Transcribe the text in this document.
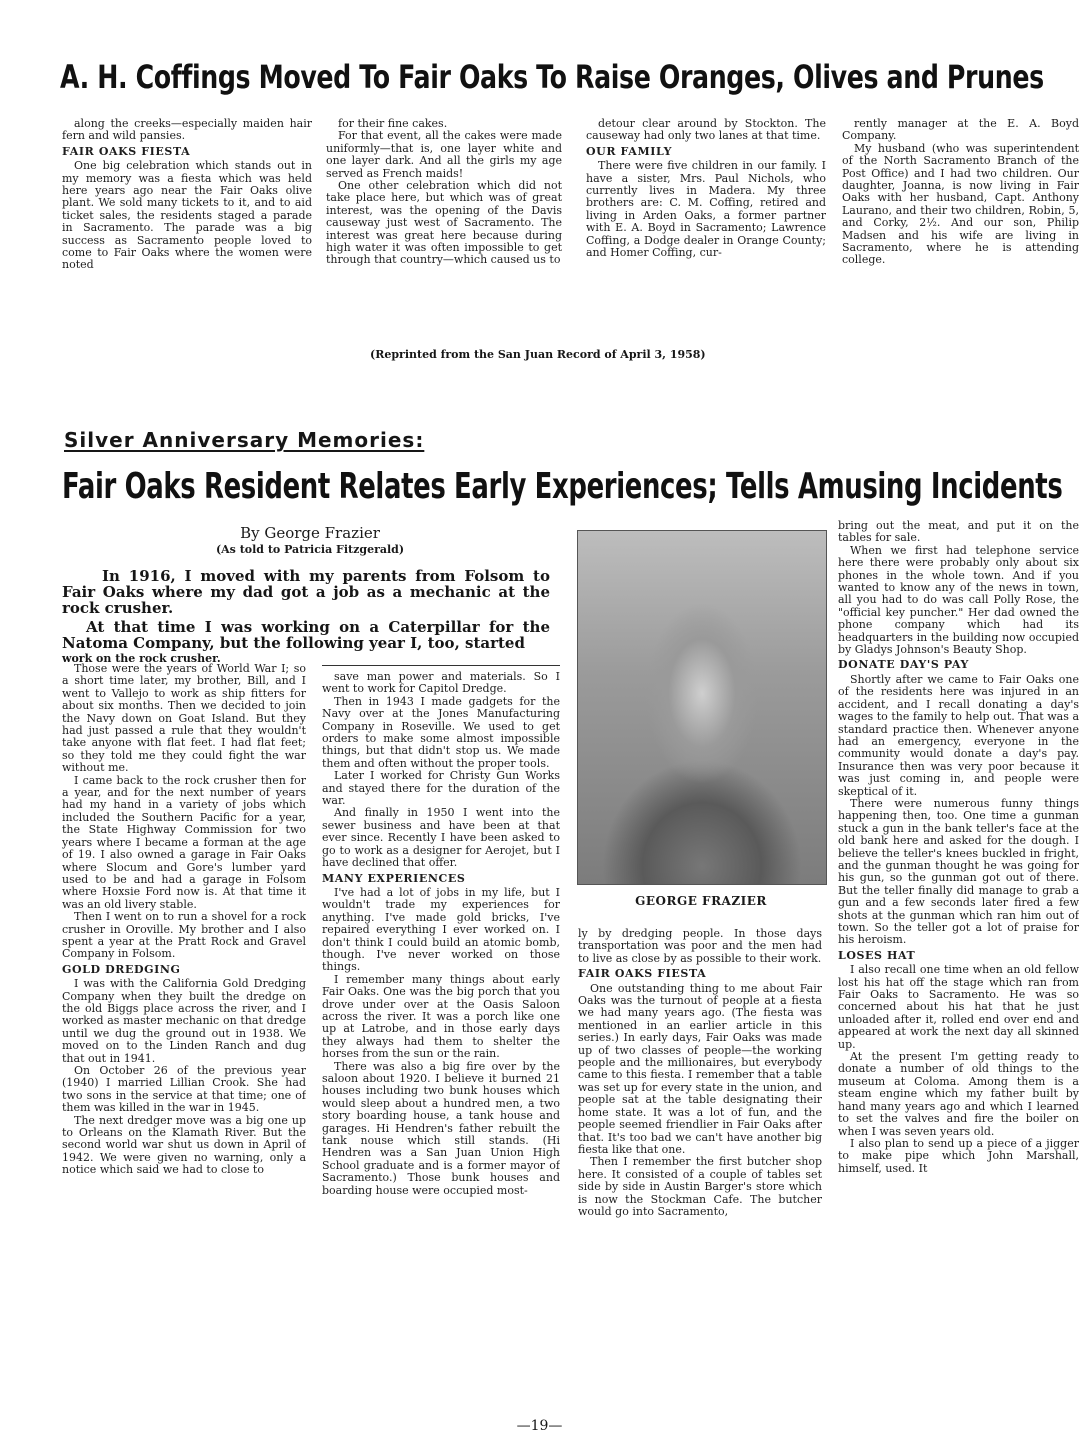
A. H. Coffings Moved To Fair Oaks To Raise Oranges, Olives and Prunes

along the creeks—especially maiden hair fern and wild pansies.

FAIR OAKS FIESTA

One big celebration which stands out in my memory was a fiesta which was held here years ago near the Fair Oaks olive plant. We sold many tickets to it, and to aid ticket sales, the residents staged a parade in Sacramento. The parade was a big success as Sacramento people loved to come to Fair Oaks where the women were noted

for their fine cakes.

For that event, all the cakes were made uniformly—that is, one layer white and one layer dark. And all the girls my age served as French maids!

One other celebration which did not take place here, but which was of great interest, was the opening of the Davis causeway just west of Sacramento. The interest was great here because during high water it was often impossible to get through that country—which caused us to

detour clear around by Stockton. The causeway had only two lanes at that time.

OUR FAMILY

There were five children in our family. I have a sister, Mrs. Paul Nichols, who currently lives in Madera. My three brothers are: C. M. Coffing, retired and living in Arden Oaks, a former partner with E. A. Boyd in Sacramento; Lawrence Coffing, a Dodge dealer in Orange County; and Homer Coffing, cur-

rently manager at the E. A. Boyd Company.

My husband (who was superintendent of the North Sacramento Branch of the Post Office) and I had two children. Our daughter, Joanna, is now living in Fair Oaks with her husband, Capt. Anthony Laurano, and their two children, Robin, 5, and Corky, 2½. And our son, Philip Madsen and his wife are living in Sacramento, where he is attending college.

(Reprinted from the San Juan Record of April 3, 1958)
Silver Anniversary Memories:
Fair Oaks Resident Relates Early Experiences; Tells Amusing Incidents
By George Frazier
(As told to Patricia Fitzgerald)
In 1916, I moved with my parents from Folsom to Fair Oaks where my dad got a job as a mechanic at the rock crusher.
At that time I was working on a Caterpillar for the Natoma Company, but the following year I, too, started
work on the rock crusher.

Those were the years of World War I; so a short time later, my brother, Bill, and I went to Vallejo to work as ship fitters for about six months. Then we decided to join the Navy down on Goat Island. But they had just passed a rule that they wouldn't take anyone with flat feet. I had flat feet; so they told me they could fight the war without me.

I came back to the rock crusher then for a year, and for the next number of years had my hand in a variety of jobs which included the Southern Pacific for a year, the State Highway Commission for two years where I became a forman at the age of 19. I also owned a garage in Fair Oaks where Slocum and Gore's lumber yard used to be and had a garage in Folsom where Hoxsie Ford now is. At that time it was an old livery stable.

Then I went on to run a shovel for a rock crusher in Oroville. My brother and I also spent a year at the Pratt Rock and Gravel Company in Folsom.

GOLD DREDGING

I was with the California Gold Dredging Company when they built the dredge on the old Biggs place across the river, and I worked as master mechanic on that dredge until we dug the ground out in 1938. We moved on to the Linden Ranch and dug that out in 1941.

On October 26 of the previous year (1940) I married Lillian Crook. She had two sons in the service at that time; one of them was killed in the war in 1945.

The next dredger move was a big one up to Orleans on the Klamath River. But the second world war shut us down in April of 1942. We were given no warning, only a notice which said we had to close to

save man power and materials. So I went to work for Capitol Dredge.

Then in 1943 I made gadgets for the Navy over at the Jones Manufacturing Company in Roseville. We used to get orders to make some almost impossible things, but that didn't stop us. We made them and often without the proper tools.

Later I worked for Christy Gun Works and stayed there for the duration of the war.

And finally in 1950 I went into the sewer business and have been at that ever since. Recently I have been asked to go to work as a designer for Aerojet, but I have declined that offer.

MANY EXPERIENCES

I've had a lot of jobs in my life, but I wouldn't trade my experiences for anything. I've made gold bricks, I've repaired everything I ever worked on. I don't think I could build an atomic bomb, though. I've never worked on those things.

I remember many things about early Fair Oaks. One was the big porch that you drove under over at the Oasis Saloon across the river. It was a porch like one up at Latrobe, and in those early days they always had them to shelter the horses from the sun or the rain.

There was also a big fire over by the saloon about 1920. I believe it burned 21 houses including two bunk houses which would sleep about a hundred men, a two story boarding house, a tank house and garages. Hi Hendren's father rebuilt the tank nouse which still stands. (Hi Hendren was a San Juan Union High School graduate and is a former mayor of Sacramento.) Those bunk houses and boarding house were occupied most-

GEORGE FRAZIER

ly by dredging people. In those days transportation was poor and the men had to live as close by as possible to their work.

FAIR OAKS FIESTA

One outstanding thing to me about Fair Oaks was the turnout of people at a fiesta we had many years ago. (The fiesta was mentioned in an earlier article in this series.) In early days, Fair Oaks was made up of two classes of people—the working people and the millionaires, but everybody came to this fiesta. I remember that a table was set up for every state in the union, and people sat at the table designating their home state. It was a lot of fun, and the people seemed friendlier in Fair Oaks after that. It's too bad we can't have another big fiesta like that one.

Then I remember the first butcher shop here. It consisted of a couple of tables set side by side in Austin Barger's store which is now the Stockman Cafe. The butcher would go into Sacramento,

bring out the meat, and put it on the tables for sale.

When we first had telephone service here there were probably only about six phones in the whole town. And if you wanted to know any of the news in town, all you had to do was call Polly Rose, the "official key puncher." Her dad owned the phone company which had its headquarters in the building now occupied by Gladys Johnson's Beauty Shop.

DONATE DAY'S PAY

Shortly after we came to Fair Oaks one of the residents here was injured in an accident, and I recall donating a day's wages to the family to help out. That was a standard practice then. Whenever anyone had an emergency, everyone in the community would donate a day's pay. Insurance then was very poor because it was just coming in, and people were skeptical of it.

There were numerous funny things happening then, too. One time a gunman stuck a gun in the bank teller's face at the old bank here and asked for the dough. I believe the teller's knees buckled in fright, and the gunman thought he was going for his gun, so the gunman got out of there. But the teller finally did manage to grab a gun and a few seconds later fired a few shots at the gunman which ran him out of town. So the teller got a lot of praise for his heroism.

LOSES HAT

I also recall one time when an old fellow lost his hat off the stage which ran from Fair Oaks to Sacramento. He was so concerned about his hat that he just unloaded after it, rolled end over end and appeared at work the next day all skinned up.

At the present I'm getting ready to donate a number of old things to the museum at Coloma. Among them is a steam engine which my father built by hand many years ago and which I learned to set the valves and fire the boiler on when I was seven years old.

I also plan to send up a piece of a jigger to make pipe which John Marshall, himself, used. It

—19—
